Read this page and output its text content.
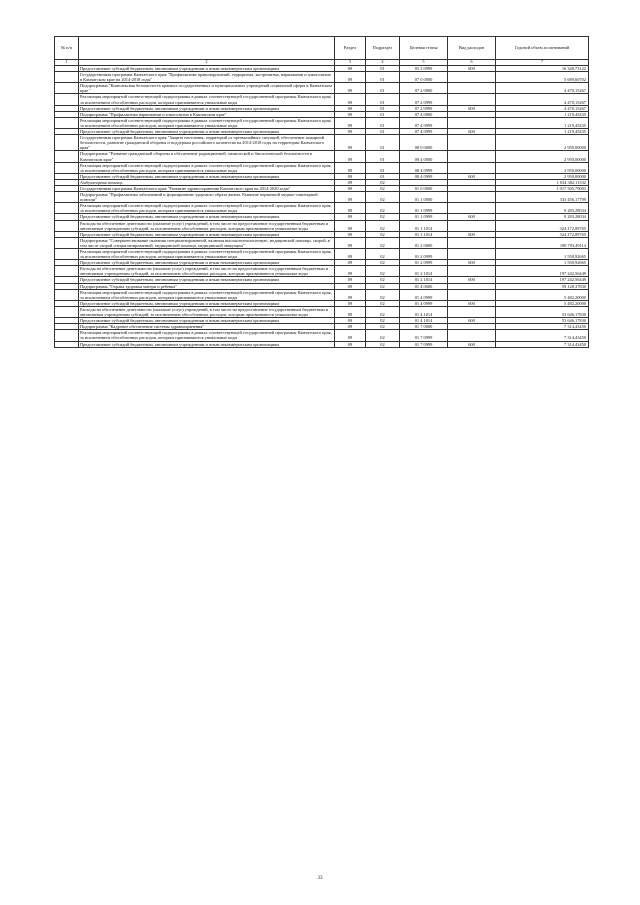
№ п/п		Раздел	Подраздел	Целевая статья	Вид расходов	Годовой объем ассигнований
1	2	3	4	5	6	7
	Предоставление субсидий бюджетным, автономным учреждениям и иным некоммерческим организациям	09	01	05 3 0999	600	16 340,73122
	Государственная программа Камчатского края "Профилактика правонарушений, терроризма, экстремизма, наркомании и алкоголизма в Камчатском крае на 2014-2018 годы"	09	01	07 0 0000		5 689,60702
	Подпрограмма "Комплексная безопасность краевых государственных и муниципальных учреждений социальной сферы в Камчатском крае "	09	01	07 2 0000		4 470,15267
	Реализация мероприятий соответствующей подпрограммы в рамках соответствующей государственной программы Камчатского края, за исключением обособленных расходов, которым присваиваются уникальные коды	09	01	07 2 0999		4 470,15267
	Предоставление субсидий бюджетным, автономным учреждениям и иным некоммерческим организациям	09	01	07 2 0999	600	4 470,15267
	Подпрограмма "Профилактика наркомании и алкоголизма в Камчатском крае"	09	01	07 4 0000		1 219,45435
	Реализация мероприятий соответствующей подпрограммы в рамках соответствующей государственной программы Камчатского края, за исключением обособленных расходов, которым присваиваются уникальные коды	09	01	07 4 0999		1 219,45435
	Предоставление субсидий бюджетным, автономным учреждениям и иным некоммерческим организациям	09	01	07 4 0999	600	1 219,45435
	Государственная программа Камчатского края "Защита населения, территорий от чрезвычайных ситуаций, обеспечение пожарной безопасности, развитие гражданской обороны и поддержка российского казачества на 2014-2018 годы на территории Камчатского края"	09	01	08 0 0000		2 950,00000
	Подпрограмма "Развитие гражданской обороны и обеспечение радиационной, химической и биологической безопасности в Камчатском крае"	09	01	08 4 0000		2 950,00000
	Реализация мероприятий соответствующей подпрограммы в рамках соответствующей государственной программы Камчатского края, за исключением обособленных расходов, которым присваиваются уникальные коды	09	01	08 4 0999		2 950,00000
	Предоставление субсидий бюджетным, автономным учреждениям и иным некоммерческим организациям	09	01	08 4 0999	600	2 950,00000
	Амбулаторная помощь	09	02			1 034 382,11532
	Государственная программа Камчатского края "Развитие здравоохранения Камчатского края на 2014-2020 годы"	09	02	01 0 0000		1 017 505,79003
	Подпрограмма "Профилактика заболеваний и формирование здорового образа жизни. Развитие первичной медико-санитарной помощи"	09	02	01 1 0000		333 456,17799
	Реализация мероприятий соответствующей подпрограммы в рамках соответствующей государственной программы Камчатского края, за исключением обособленных расходов, которым присваиваются уникальные коды	09	02	01 1 0999		9 283,28034
	Предоставление субсидий бюджетным, автономным учреждениям и иным некоммерческим организациям	09	02	01 1 0999	600	9 283,28034
	Расходы на обеспечение деятельности (оказание услуг) учреждений, в том числе на предоставление государственным бюджетным и автономным учреждениям субсидий, за исключением обособленных расходов, которым присваиваются уникальные коды	09	02	01 1 1014		324 172,89765
	Предоставление субсидий бюджетным, автономным учреждениям и иным некоммерческим организациям	09	02	01 1 1014	600	324 172,89765
	Подпрограмма "Совершенствование оказания специализированной, включая высокотехнологичную, медицинской помощи, скорой, в том числе скорой специализированной, медицинской помощи, медицинской эвакуации"	09	02	01 2 0000		198 793,49114
	Реализация мероприятий соответствующей подпрограммы в рамках соответствующей государственной программы Камчатского края, за исключением обособленных расходов, которым присваиваются уникальные коды	09	02	01 2 0999		1 550,92665
	Предоставление субсидий бюджетным, автономным учреждениям и иным некоммерческим организациям	09	02	01 2 0999	600	1 550,92665
	Расходы на обеспечение деятельности (оказание услуг) учреждений, в том числе на предоставление государственным бюджетным и автономным учреждениям субсидий, за исключением обособленных расходов, которым присваиваются уникальные коды	09	02	01 2 1014		197 242,56449
	Предоставление субсидий бюджетным, автономным учреждениям и иным некоммерческим организациям	09	02	01 2 1014	600	197 242,56449
	Подпрограмма "Охрана здоровья матери и ребенка"	09	02	01 4 0000		59 128,37830
	Реализация мероприятий соответствующей подпрограммы в рамках соответствующей государственной программы Камчатского края, за исключением обособленных расходов, которым присваиваются уникальные коды	09	02	01 4 0999		5 482,20000
	Предоставление субсидий бюджетным, автономным учреждениям и иным некоммерческим организациям	09	02	01 4 0999	600	5 482,20000
	Расходы на обеспечение деятельности (оказание услуг) учреждений, в том числе на предоставление государственным бюджетным и автономным учреждениям субсидий, за исключением обособленных расходов, которым присваиваются уникальные коды	09	02	01 4 1014		53 646,17830
	Предоставление субсидий бюджетным, автономным учреждениям и иным некоммерческим организациям	09	02	01 4 1014	600	53 646,17830
	Подпрограмма "Кадровое обеспечение системы здравоохранения"	09	02	01 7 0000		7 314,43450
	Реализация мероприятий соответствующей подпрограммы в рамках соответствующей государственной программы Камчатского края, за исключением обособленных расходов, которым присваиваются уникальные коды	09	02	01 7 0999		7 314,43450
	Предоставление субсидий бюджетным, автономным учреждениям и иным некоммерческим организациям	09	02	01 7 0999	600	7 314,43450
33
